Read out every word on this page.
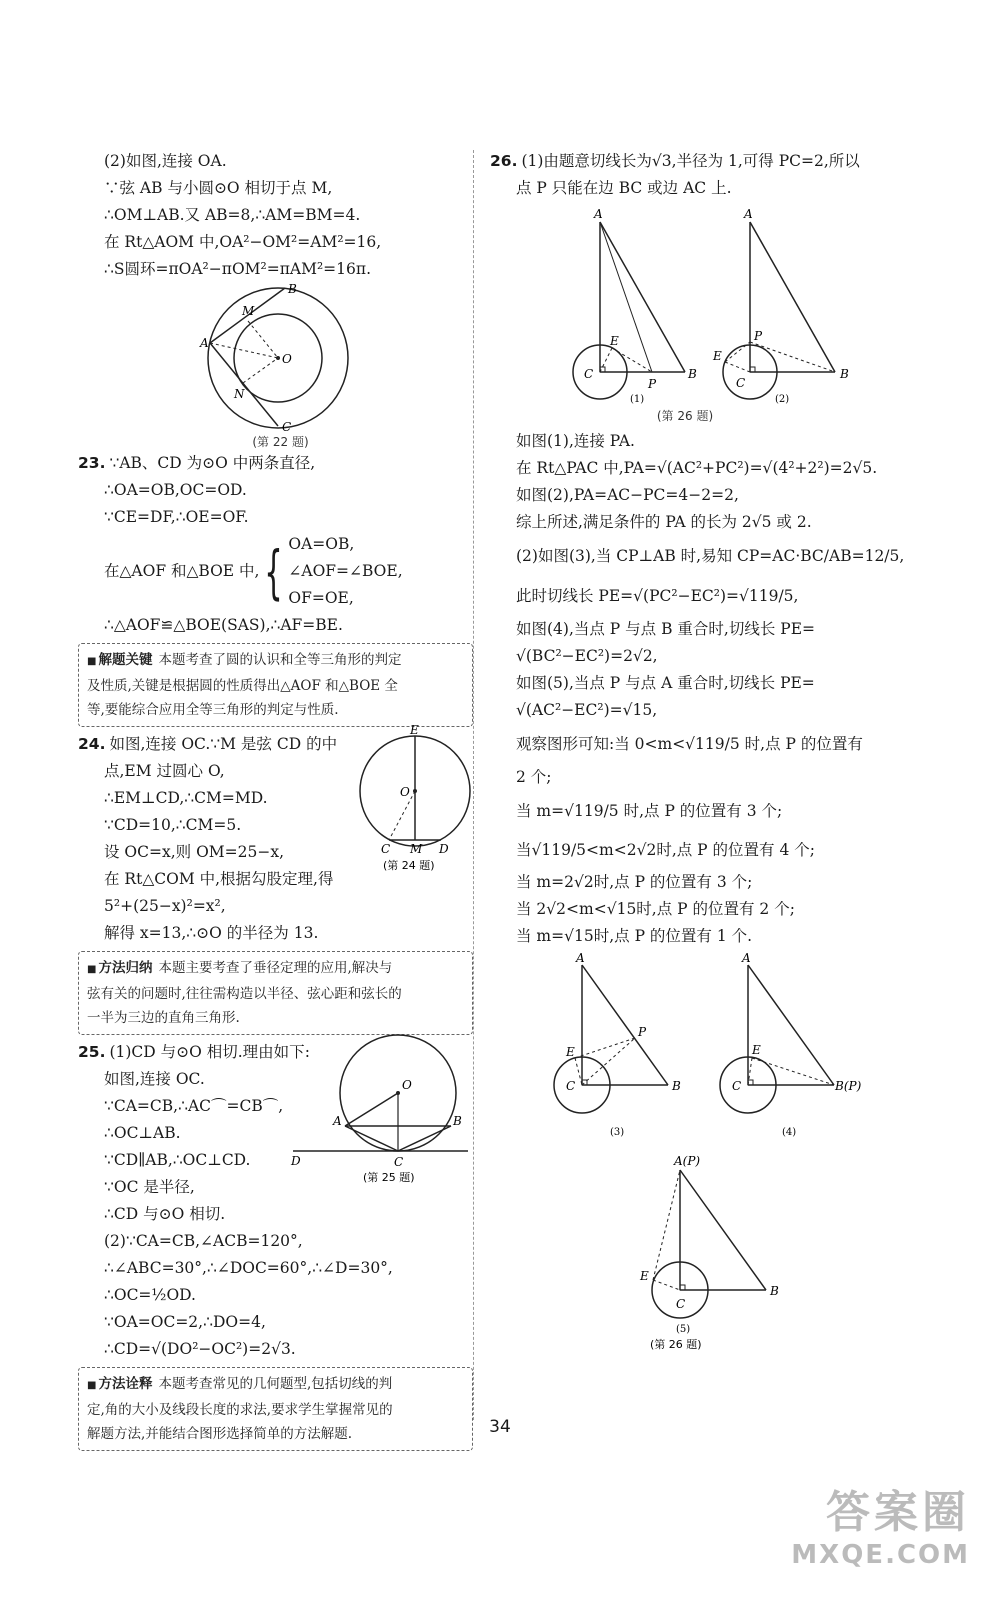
(2)如图,连接 OA.
∵弦 AB 与小圆⊙O 相切于点 M,
∴OM⊥AB.又 AB=8,∴AM=BM=4.
在 Rt△AOM 中,OA²−OM²=AM²=16,
∴S圆环=πOA²−πOM²=πAM²=16π.
B
M
A
O
N
C
(第 22 题)
23. ∵AB、CD 为⊙O 中两条直径,
∴OA=OB,OC=OD.
∵CE=DF,∴OE=OF.
在△AOF 和△BOE 中, { OA=OB,
∠AOF=∠BOE,
OF=OE,
∴△AOF≌△BOE(SAS),∴AF=BE.
■ 解题关键 本题考查了圆的认识和全等三角形的判定
及性质,关键是根据圆的性质得出△AOF 和△BOE 全
等,要能综合应用全等三角形的判定与性质.
24. 如图,连接 OC.∵M 是弦 CD 的中
点,EM 过圆心 O,
∴EM⊥CD,∴CM=MD.
∵CD=10,∴CM=5.
设 OC=x,则 OM=25−x,
在 Rt△COM 中,根据勾股定理,得
5²+(25−x)²=x²,
解得 x=13,∴⊙O 的半径为 13.
E
O
C M D
(第 24 题)
■ 方法归纳 本题主要考查了垂径定理的应用,解决与
弦有关的问题时,往往需构造以半径、弦心距和弦长的
一半为三边的直角三角形.
25. (1)CD 与⊙O 相切.理由如下:
如图,连接 OC.
∵CA=CB,∴AC⌒=CB⌒,
∴OC⊥AB.
∵CD∥AB,∴OC⊥CD.
∵OC 是半径,
∴CD 与⊙O 相切.
(2)∵CA=CB,∠ACB=120°,
∴∠ABC=30°,∴∠DOC=60°,∴∠D=30°,
∴OC=½OD.
∵OA=OC=2,∴DO=4,
∴CD=√(DO²−OC²)=2√3.
O
A	B
D	C
(第 25 题)
■ 方法诠释 本题考查常见的几何题型,包括切线的判
定,角的大小及线段长度的求法,要求学生掌握常见的
解题方法,并能结合图形选择简单的方法解题.
26. (1)由题意切线长为√3,半径为 1,可得 PC=2,所以
点 P 只能在边 BC 或边 AC 上.
A
E
C
P
B
A
P
E
C
B
(1)	(2)
(第 26 题)
如图(1),连接 PA.
在 Rt△PAC 中,PA=√(AC²+PC²)=√(4²+2²)=2√5.
如图(2),PA=AC−PC=4−2=2,
综上所述,满足条件的 PA 的长为 2√5 或 2.
(2)如图(3),当 CP⊥AB 时,易知 CP=AC·BC/AB=12/5,
此时切线长 PE=√(PC²−EC²)=√119/5,
如图(4),当点 P 与点 B 重合时,切线长 PE=
√(BC²−EC²)=2√2,
如图(5),当点 P 与点 A 重合时,切线长 PE=
√(AC²−EC²)=√15,
观察图形可知:当 0<m<√119/5 时,点 P 的位置有
2 个;
当 m=√119/5 时,点 P 的位置有 3 个;
当√119/5<m<2√2时,点 P 的位置有 4 个;
当 m=2√2时,点 P 的位置有 3 个;
当 2√2<m<√15时,点 P 的位置有 2 个;
当 m=√15时,点 P 的位置有 1 个.
A
P
E
C	B
A
E
C	B(P)
(3)	(4)
A(P)
E
C
B
(5)
(第 26 题)
34
答案圈
MXQE.COM
